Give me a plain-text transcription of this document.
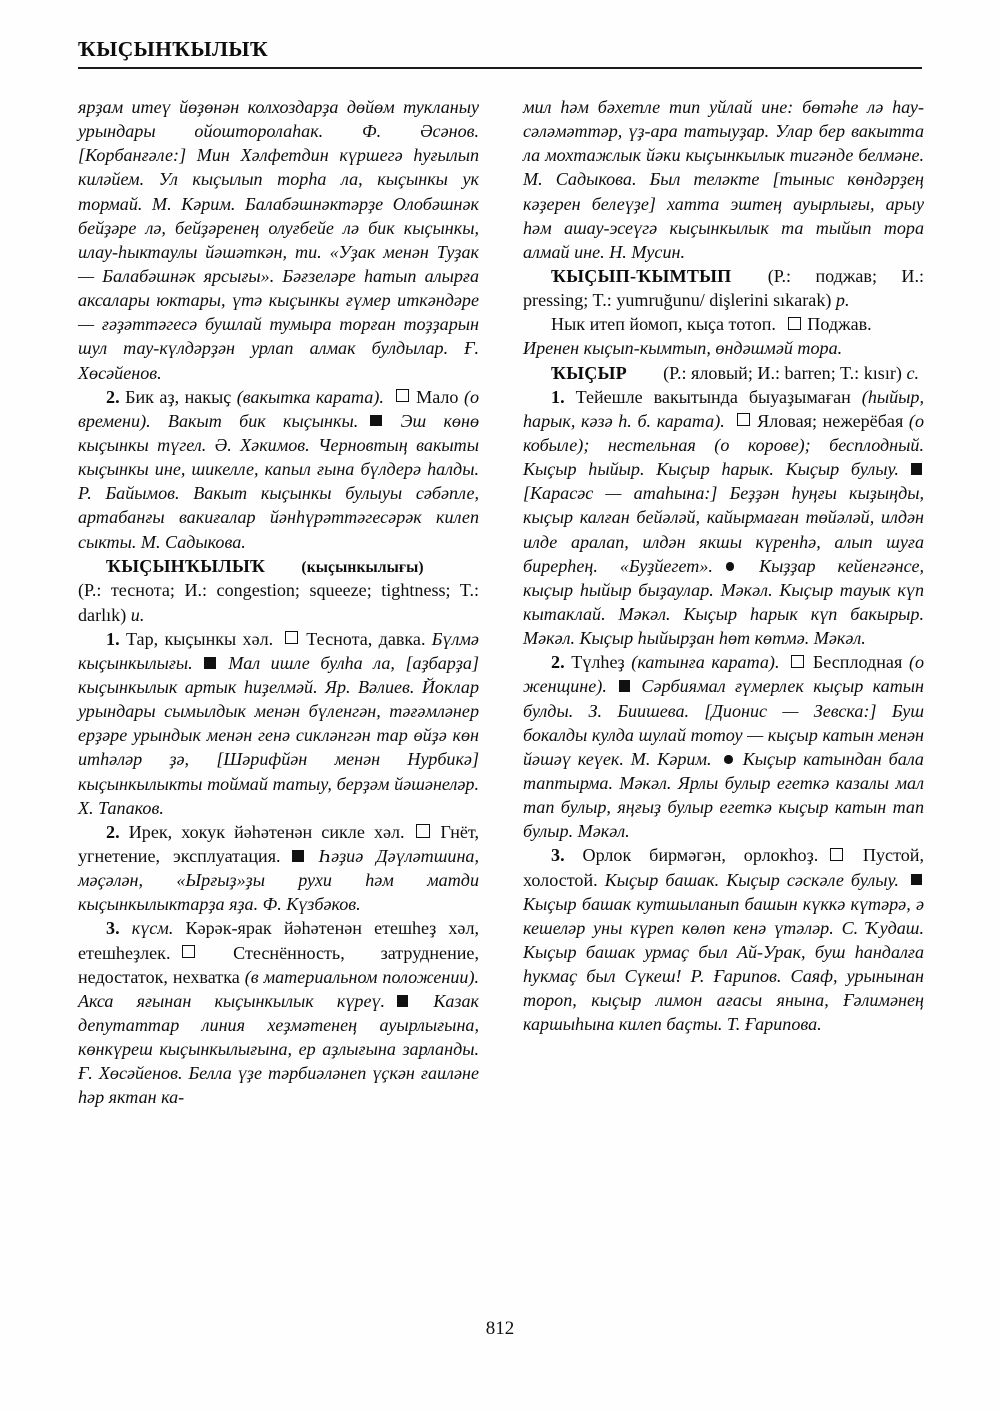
ҠЫҪЫНҠЫЛЫҠ

ярҙам итеү йөҙөнән колхоздарҙа дөйөм тукланыу урындары ойошторолаһак. Ф. Әсәнов. [Корбанғәле:] Мин Хәлфетдин күршегә һуғылып киләйем. Ул кыҫылып торһа ла, кыҫынкы ук тормай. М. Кәрим. Балабәшнәктәрҙе Олобәшнәк бейҙәре лә, бейҙәренең олуғбейе лә бик кыҫынкы, илау-һыктаулы йәшәткән, ти. «Уҙак менән Туҙак — Балабәшнәк ярсығы». Бәғзеләре һатып алырға аксалары юктары, үтә кыҫынкы ғүмер иткәндәре — ғәҙәттәгесә бушлай тумыра торған тоҙҙарын шул тау-күлдәрҙән урлап алмак булдылар. Ғ. Хөсәйенов.

2. Бик аҙ, накыҫ (вакытка карата). Мало (о времени). Вакыт бик кыҫынкы. Эш көнө кыҫынкы түгел. Ә. Хәкимов. Черновтың вакыты кыҫынкы ине, шикелле, капыл ғына бүлдерә һалды. Р. Байымов. Вакыт кыҫынкы булыуы сәбәпле, артабанғы вакиғалар йәнһүрәттәгесәрәк килеп сыкты. М. Садыкова.

ҠЫҪЫНҠЫЛЫҠ (кыҫынкылығы)

(Р.: теснота; И.: congestion; squeeze; tightness; T.: darlık) и.

1. Тар, кыҫынкы хәл. Теснота, давка. Бүлмә кыҫынкылығы. Мал ишле булһа ла, [аҙбарҙа] кыҫынкылык артык һиҙелмәй. Яр. Вәлиев. Йоклар урындары сымылдык менән бүленгән, тәғәмләнер ерҙәре урындык менән генә сикләнгән тар өйҙә көн итһәләр ҙә, [Шәрифйән менән Нурбикә] кыҫынкылыкты тоймай татыу, берҙәм йәшәнеләр. Х. Тапаков.

2. Ирек, хокук йәһәтенән сикле хәл. Гнёт, угнетение, эксплуатация. Һәҙиә Дәүләтшина, мәҫәлән, «Ырғыҙ»ҙы рухи һәм матди кыҫынкылыктарҙа яҙа. Ф. Күзбәков.

3. күсм. Кәрәк-ярак йәһәтенән етешһеҙ хәл, етешһеҙлек.	Стеснённость, затруднение, недостаток, нехватка (в материальном положении). Акса яғынан кыҫынкылык күреү.	Казак депутаттар линия хеҙмәтенең ауырлығына, көнкүреш кыҫынкылығына, ер аҙлығына зарланды. Ғ. Хөсәйенов. Белла үҙе тәрбиәләнеп үҫкән ғаиләне һәр яктан ка-

мил һәм бәхетле тип уйлай ине: бөтәһе лә һау-сәләмәттәр, үҙ-ара татыуҙар. Улар бер вакытта ла мохтажлык йәки кыҫынкылык тигәнде белмәне. М. Садыкова. Был теләкте [тыныс көндәрҙең кәҙерен белеүҙе] хатта эштең ауырлығы, арыу һәм ашау-эсеүгә кыҫынкылык та тыйып тора алмай ине. Н. Мусин.

ҠЫҪЫП-ҠЫМТЫП (Р.: поджав; И.: pressing; T.: yumruğunu/ dişlerini sıkarak) р.

Нык итеп йомоп, кыҫа тотоп. Поджав.
Иренен кыҫып-кымтып, өндәшмәй тора.

ҠЫҪЫР (Р.: яловый; И.: barren; T.: kısır) с.

1. Тейешле вакытында быуаҙымаған (һыйыр, һарык, кәзә һ. б. карата). Яловая; нежерёбая (о кобыле); нестельная (о корове); бесплодный. Кыҫыр һыйыр. Кыҫыр һарык. Кыҫыр булыу. [Карасәс — атаһына:] Беҙҙән һуңғы кыҙыңды, кыҫыр калған бейәләй, кайырмаған төйәләй, илдән илде аралап, илдән якшы күренһә, алып шуға бирерһең. «Буҙйегет».	Кыҙҙар кейенгәнсе, кыҫыр һыйыр быҙаулар. Мәкәл. Кыҫыр тауык күп кытаклай. Мәкәл. Кыҫыр һарык күп бакырыр. Мәкәл. Кыҫыр һыйырҙан һөт көтмә. Мәкәл.

2. Түлһеҙ (катынға карата). Бесплодная (о женщине). Сәрбиямал ғүмерлек кыҫыр катын булды. З. Биишева. [Дионис — Зевска:] Буш бокалды кулда шулай тотоу — кыҫыр катын менән йәшәү кеүек. М. Кәрим. Кыҫыр катындан бала таптырма. Мәкәл. Ярлы булыр егеткә казалы мал тап булыр, яңғыҙ булыр егеткә кыҫыр катын тап булыр. Мәкәл.

3. Орлок бирмәгән, орлокһоҙ. Пустой, холостой. Кыҫыр башак. Кыҫыр сәскәле булыу. Кыҫыр башак кутшыланып башын күккә күтәрә, ә кешеләр уны күреп көлөп кенә үтәләр. С. Ҡудаш. Кыҫыр башак урмаҫ был Ай-Урак, буш һандалға һукмаҫ был Сүкеш! Р. Ғарипов. Саяф, урынынан тороп, кыҫыр лимон ағасы янына, Ғәлимәнең каршыһына килеп баҫты. Т. Ғарипова.

812
